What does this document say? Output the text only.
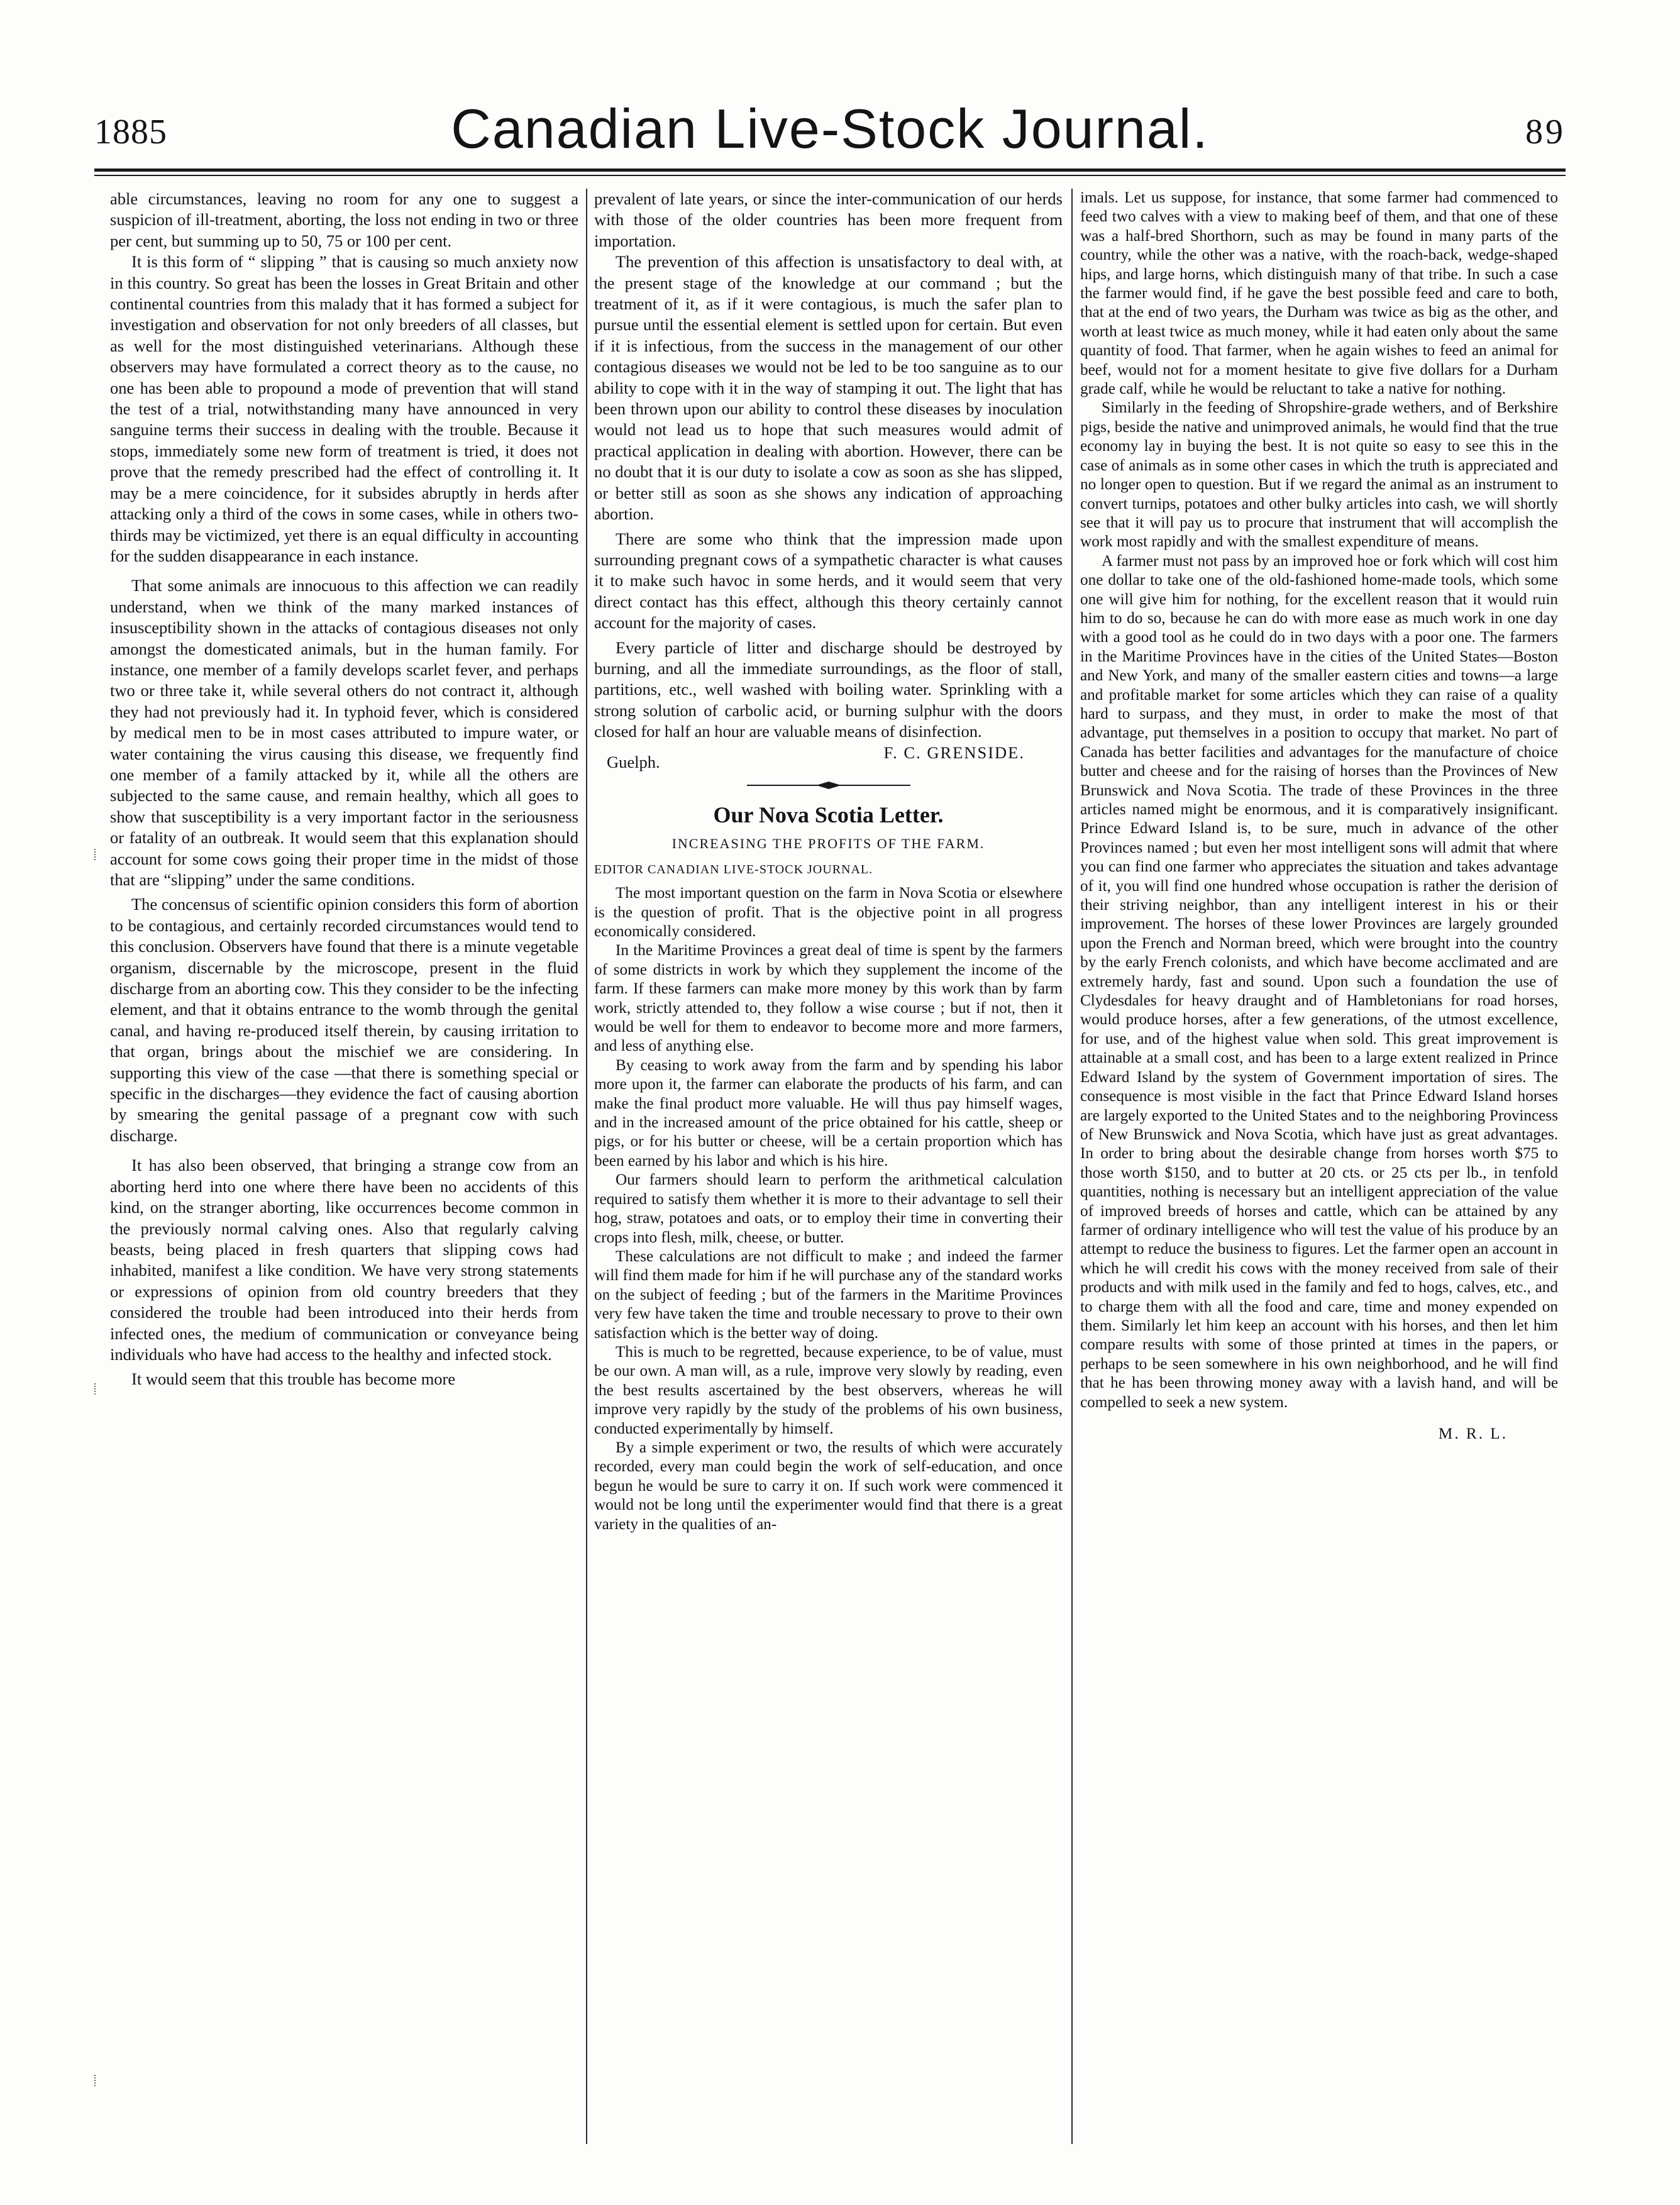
1885	Canadian Live-Stock Journal.	89

able circumstances, leaving no room for any one to suggest a suspicion of ill-treatment, aborting, the loss not ending in two or three per cent, but summing up to 50, 75 or 100 per cent.

It is this form of “ slipping ” that is causing so much anxiety now in this country. So great has been the losses in Great Britain and other continental countries from this malady that it has formed a subject for investigation and observation for not only breeders of all classes, but as well for the most distinguished veterinarians. Although these observers may have formulated a correct theory as to the cause, no one has been able to propound a mode of prevention that will stand the test of a trial, notwithstanding many have announced in very sanguine terms their success in dealing with the trouble. Because it stops, immediately some new form of treatment is tried, it does not prove that the remedy prescribed had the effect of controlling it. It may be a mere coincidence, for it subsides abruptly in herds after attacking only a third of the cows in some cases, while in others two-thirds may be victimized, yet there is an equal difficulty in accounting for the sudden disappearance in each instance.

That some animals are innocuous to this affection we can readily understand, when we think of the many marked instances of insusceptibility shown in the attacks of contagious diseases not only amongst the domesticated animals, but in the human family. For instance, one member of a family develops scarlet fever, and perhaps two or three take it, while several others do not contract it, although they had not previously had it. In typhoid fever, which is considered by medical men to be in most cases attributed to impure water, or water containing the virus causing this disease, we frequently find one member of a family attacked by it, while all the others are subjected to the same cause, and remain healthy, which all goes to show that susceptibility is a very important factor in the seriousness or fatality of an outbreak. It would seem that this explanation should account for some cows going their proper time in the midst of those that are “slipping” under the same conditions.

The concensus of scientific opinion considers this form of abortion to be contagious, and certainly recorded circumstances would tend to this conclusion. Observers have found that there is a minute vegetable organism, discernable by the microscope, present in the fluid discharge from an aborting cow. This they consider to be the infecting element, and that it obtains entrance to the womb through the genital canal, and having re-produced itself therein, by causing irritation to that organ, brings about the mischief we are considering. In supporting this view of the case —that there is something special or specific in the discharges—they evidence the fact of causing abortion by smearing the genital passage of a pregnant cow with such discharge.

It has also been observed, that bringing a strange cow from an aborting herd into one where there have been no accidents of this kind, on the stranger aborting, like occurrences become common in the previously normal calving ones. Also that regularly calving beasts, being placed in fresh quarters that slipping cows had inhabited, manifest a like condition. We have very strong statements or expressions of opinion from old country breeders that they considered the trouble had been introduced into their herds from infected ones, the medium of communication or conveyance being individuals who have had access to the healthy and infected stock.

It would seem that this trouble has become more

prevalent of late years, or since the inter-communication of our herds with those of the older countries has been more frequent from importation.

The prevention of this affection is unsatisfactory to deal with, at the present stage of the knowledge at our command ; but the treatment of it, as if it were contagious, is much the safer plan to pursue until the essential element is settled upon for certain. But even if it is infectious, from the success in the management of our other contagious diseases we would not be led to be too sanguine as to our ability to cope with it in the way of stamping it out. The light that has been thrown upon our ability to control these diseases by inoculation would not lead us to hope that such measures would admit of practical application in dealing with abortion. However, there can be no doubt that it is our duty to isolate a cow as soon as she has slipped, or better still as soon as she shows any indication of approaching abortion.

There are some who think that the impression made upon surrounding pregnant cows of a sympathetic character is what causes it to make such havoc in some herds, and it would seem that very direct contact has this effect, although this theory certainly cannot account for the majority of cases.

Every particle of litter and discharge should be destroyed by burning, and all the immediate surroundings, as the floor of stall, partitions, etc., well washed with boiling water. Sprinkling with a strong solution of carbolic acid, or burning sulphur with the doors closed for half an hour are valuable means of disinfection.

F. C. GRENSIDE.

Guelph.

Our Nova Scotia Letter.

INCREASING THE PROFITS OF THE FARM.

EDITOR CANADIAN LIVE-STOCK JOURNAL.

The most important question on the farm in Nova Scotia or elsewhere is the question of profit. That is the objective point in all progress economically considered.

In the Maritime Provinces a great deal of time is spent by the farmers of some districts in work by which they supplement the income of the farm. If these farmers can make more money by this work than by farm work, strictly attended to, they follow a wise course ; but if not, then it would be well for them to endeavor to become more and more farmers, and less of anything else.

By ceasing to work away from the farm and by spending his labor more upon it, the farmer can elaborate the products of his farm, and can make the final product more valuable. He will thus pay himself wages, and in the increased amount of the price obtained for his cattle, sheep or pigs, or for his butter or cheese, will be a certain proportion which has been earned by his labor and which is his hire.

Our farmers should learn to perform the arithmetical calculation required to satisfy them whether it is more to their advantage to sell their hog, straw, potatoes and oats, or to employ their time in converting their crops into flesh, milk, cheese, or butter.

These calculations are not difficult to make ; and indeed the farmer will find them made for him if he will purchase any of the standard works on the subject of feeding ; but of the farmers in the Maritime Provinces very few have taken the time and trouble necessary to prove to their own satisfaction which is the better way of doing.

This is much to be regretted, because experience, to be of value, must be our own. A man will, as a rule, improve very slowly by reading, even the best results ascertained by the best observers, whereas he will improve very rapidly by the study of the problems of his own business, conducted experimentally by himself.

By a simple experiment or two, the results of which were accurately recorded, every man could begin the work of self-education, and once begun he would be sure to carry it on. If such work were commenced it would not be long until the experimenter would find that there is a great variety in the qualities of an-

imals. Let us suppose, for instance, that some farmer had commenced to feed two calves with a view to making beef of them, and that one of these was a half-bred Shorthorn, such as may be found in many parts of the country, while the other was a native, with the roach-back, wedge-shaped hips, and large horns, which distinguish many of that tribe. In such a case the farmer would find, if he gave the best possible feed and care to both, that at the end of two years, the Durham was twice as big as the other, and worth at least twice as much money, while it had eaten only about the same quantity of food. That farmer, when he again wishes to feed an animal for beef, would not for a moment hesitate to give five dollars for a Durham grade calf, while he would be reluctant to take a native for nothing.

Similarly in the feeding of Shropshire-grade wethers, and of Berkshire pigs, beside the native and unimproved animals, he would find that the true economy lay in buying the best. It is not quite so easy to see this in the case of animals as in some other cases in which the truth is appreciated and no longer open to question. But if we regard the animal as an instrument to convert turnips, potatoes and other bulky articles into cash, we will shortly see that it will pay us to procure that instrument that will accomplish the work most rapidly and with the smallest expenditure of means.

A farmer must not pass by an improved hoe or fork which will cost him one dollar to take one of the old-fashioned home-made tools, which some one will give him for nothing, for the excellent reason that it would ruin him to do so, because he can do with more ease as much work in one day with a good tool as he could do in two days with a poor one. The farmers in the Maritime Provinces have in the cities of the United States—Boston and New York, and many of the smaller eastern cities and towns—a large and profitable market for some articles which they can raise of a quality hard to surpass, and they must, in order to make the most of that advantage, put themselves in a position to occupy that market. No part of Canada has better facilities and advantages for the manufacture of choice butter and cheese and for the raising of horses than the Provinces of New Brunswick and Nova Scotia. The trade of these Provinces in the three articles named might be enormous, and it is comparatively insignificant. Prince Edward Island is, to be sure, much in advance of the other Provinces named ; but even her most intelligent sons will admit that where you can find one farmer who appreciates the situation and takes advantage of it, you will find one hundred whose occupation is rather the derision of their striving neighbor, than any intelligent interest in his or their improvement. The horses of these lower Provinces are largely grounded upon the French and Norman breed, which were brought into the country by the early French colonists, and which have become acclimated and are extremely hardy, fast and sound. Upon such a foundation the use of Clydesdales for heavy draught and of Hambletonians for road horses, would produce horses, after a few generations, of the utmost excellence, for use, and of the highest value when sold. This great improvement is attainable at a small cost, and has been to a large extent realized in Prince Edward Island by the system of Government importation of sires. The consequence is most visible in the fact that Prince Edward Island horses are largely exported to the United States and to the neighboring Provincess of New Brunswick and Nova Scotia, which have just as great advantages. In order to bring about the desirable change from horses worth $75 to those worth $150, and to butter at 20 cts. or 25 cts per lb., in tenfold quantities, nothing is necessary but an intelligent appreciation of the value of improved breeds of horses and cattle, which can be attained by any farmer of ordinary intelligence who will test the value of his produce by an attempt to reduce the business to figures. Let the farmer open an account in which he will credit his cows with the money received from sale of their products and with milk used in the family and fed to hogs, calves, etc., and to charge them with all the food and care, time and money expended on them. Similarly let him keep an account with his horses, and then let him compare results with some of those printed at times in the papers, or perhaps to be seen somewhere in his own neighborhood, and he will find that he has been throwing money away with a lavish hand, and will be compelled to seek a new system.

M. R. L.
